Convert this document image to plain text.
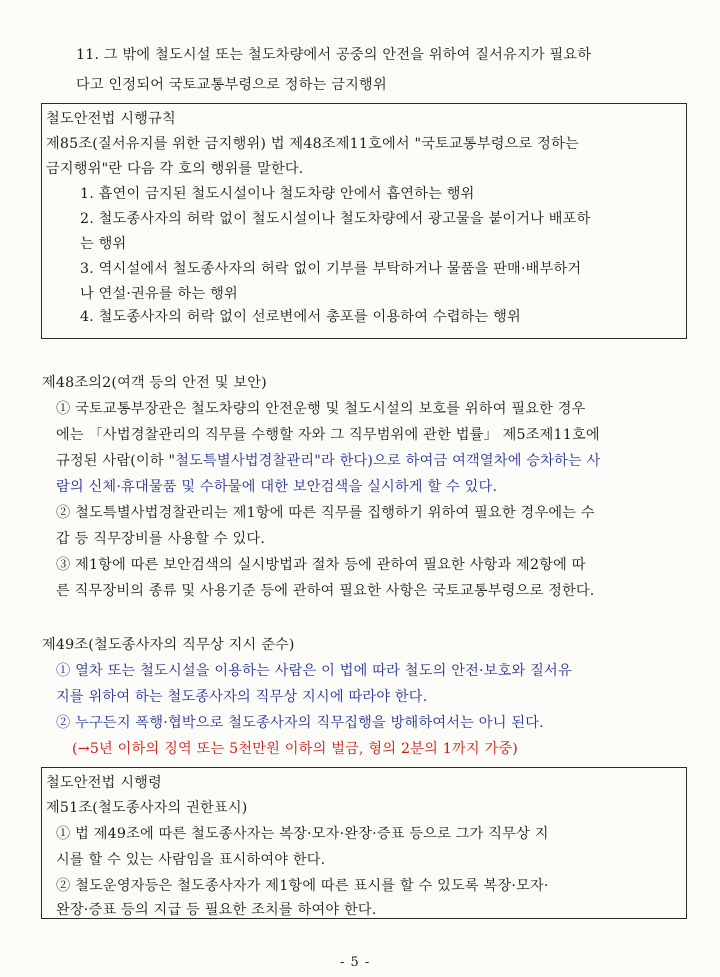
11. 그 밖에 철도시설 또는 철도차량에서 공중의 안전을 위하여 질서유지가 필요하
다고 인정되어 국토교통부령으로 정하는 금지행위
철도안전법 시행규칙
제85조(질서유지를 위한 금지행위) 법 제48조제11호에서 "국토교통부령으로 정하는
금지행위"란 다음 각 호의 행위를 말한다.
1. 흡연이 금지된 철도시설이나 철도차량 안에서 흡연하는 행위
2. 철도종사자의 허락 없이 철도시설이나 철도차량에서 광고물을 붙이거나 배포하
는 행위
3. 역시설에서 철도종사자의 허락 없이 기부를 부탁하거나 물품을 판매·배부하거
나 연설·권유를 하는 행위
4. 철도종사자의 허락 없이 선로변에서 총포를 이용하여 수렵하는 행위
제48조의2(여객 등의 안전 및 보안)
① 국토교통부장관은 철도차량의 안전운행 및 철도시설의 보호를 위하여 필요한 경우
에는 「사법경찰관리의 직무를 수행할 자와 그 직무범위에 관한 법률」 제5조제11호에
규정된 사람(이하 "철도특별사법경찰관리"라 한다)으로 하여금 여객열차에 승차하는 사
람의 신체·휴대물품 및 수하물에 대한 보안검색을 실시하게 할 수 있다.
② 철도특별사법경찰관리는 제1항에 따른 직무를 집행하기 위하여 필요한 경우에는 수
갑 등 직무장비를 사용할 수 있다.
③ 제1항에 따른 보안검색의 실시방법과 절차 등에 관하여 필요한 사항과 제2항에 따
른 직무장비의 종류 및 사용기준 등에 관하여 필요한 사항은 국토교통부령으로 정한다.
제49조(철도종사자의 직무상 지시 준수)
① 열차 또는 철도시설을 이용하는 사람은 이 법에 따라 철도의 안전·보호와 질서유
지를 위하여 하는 철도종사자의 직무상 지시에 따라야 한다.
② 누구든지 폭행·협박으로 철도종사자의 직무집행을 방해하여서는 아니 된다.
(→5년 이하의 징역 또는 5천만원 이하의 벌금, 형의 2분의 1까지 가중)
철도안전법 시행령
제51조(철도종사자의 권한표시)
① 법 제49조에 따른 철도종사자는 복장·모자·완장·증표 등으로 그가 직무상 지
시를 할 수 있는 사람임을 표시하여야 한다.
② 철도운영자등은 철도종사자가 제1항에 따른 표시를 할 수 있도록 복장·모자·
완장·증표 등의 지급 등 필요한 조치를 하여야 한다.
- 5 -
